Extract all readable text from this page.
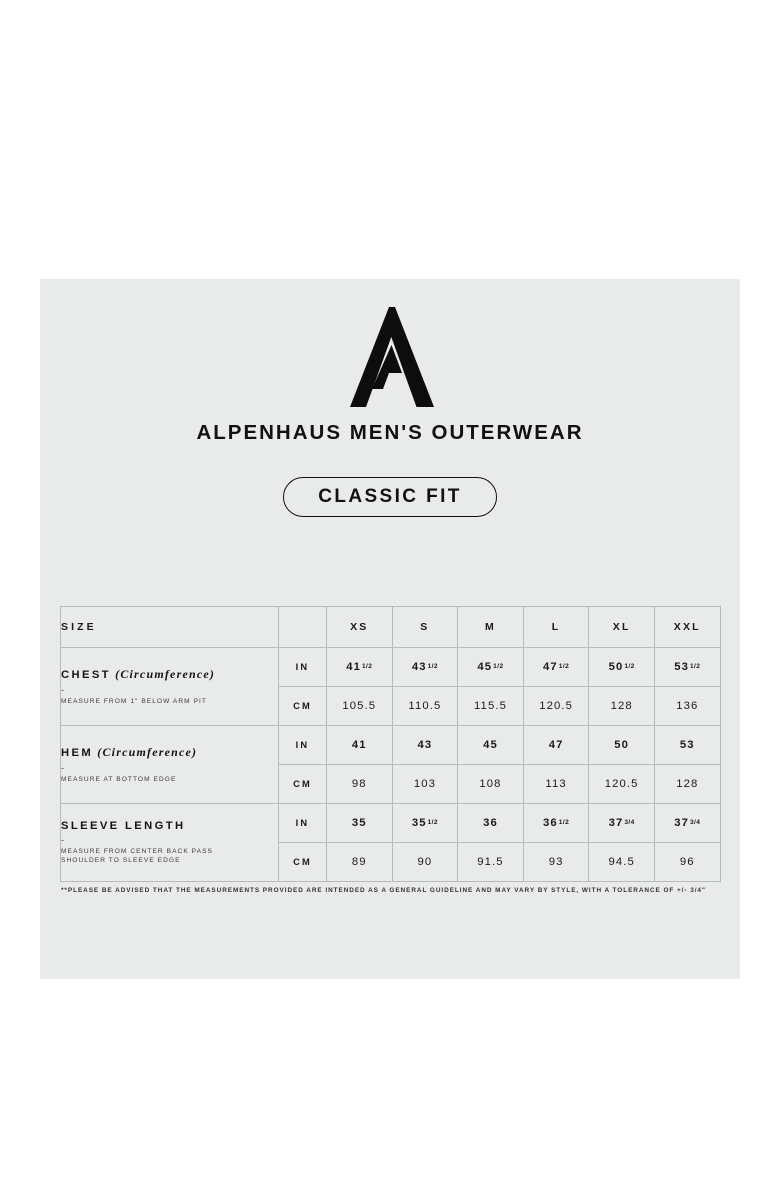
ALPENHAUS MEN'S OUTERWEAR
CLASSIC FIT
SIZE		XS	S	M	L	XL	XXL

CHEST (Circumference)
-
MEASURE FROM 1" BELOW ARM PIT	IN	411/2	431/2	451/2	471/2	501/2	531/2
	CM	105.5	110.5	115.5	120.5	128	136

HEM (Circumference)
-
MEASURE AT BOTTOM EDGE	IN	41	43	45	47	50	53
	CM	98	103	108	113	120.5	128

SLEEVE LENGTH
-
MEASURE FROM CENTER BACK PASS
SHOULDER TO SLEEVE EDGE	IN	35	351/2	36	361/2	373/4	373/4
	CM	89	90	91.5	93	94.5	96
**PLEASE BE ADVISED THAT THE MEASUREMENTS PROVIDED ARE INTENDED AS A GENERAL GUIDELINE AND MAY VARY BY STYLE, WITH A TOLERANCE OF +/- 3/4"
